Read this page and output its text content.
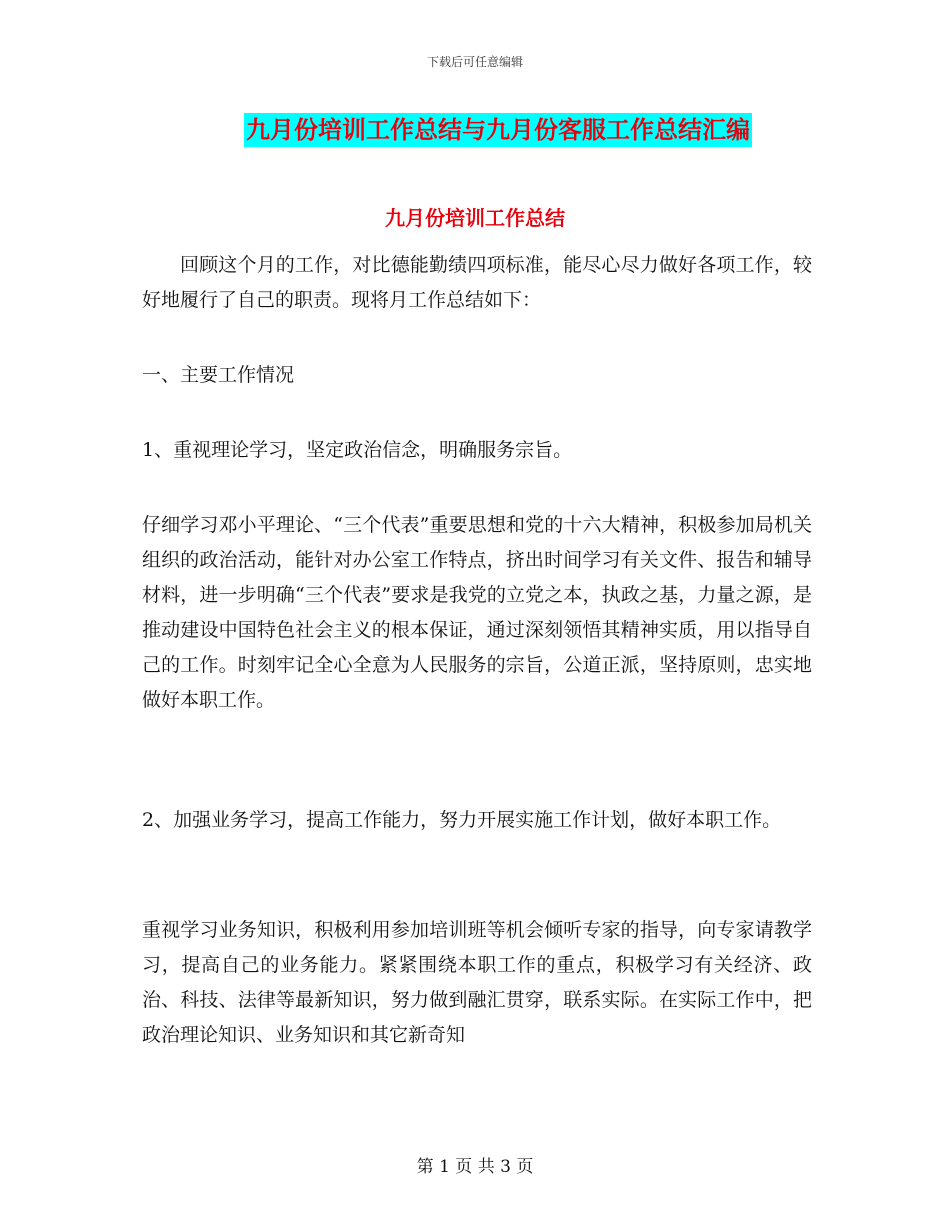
下载后可任意编辑
九月份培训工作总结与九月份客服工作总结汇编
九月份培训工作总结

回顾这个月的工作，对比德能勤绩四项标准，能尽心尽力做好各项工作，较好地履行了自己的职责。现将月工作总结如下：

一、主要工作情况

1、重视理论学习，坚定政治信念，明确服务宗旨。

仔细学习邓小平理论、“三个代表”重要思想和党的十六大精神，积极参加局机关组织的政治活动，能针对办公室工作特点，挤出时间学习有关文件、报告和辅导材料，进一步明确“三个代表”要求是我党的立党之本，执政之基，力量之源，是推动建设中国特色社会主义的根本保证，通过深刻领悟其精神实质，用以指导自己的工作。时刻牢记全心全意为人民服务的宗旨，公道正派，坚持原则，忠实地做好本职工作。

2、加强业务学习，提高工作能力，努力开展实施工作计划，做好本职工作。

重视学习业务知识，积极利用参加培训班等机会倾听专家的指导，向专家请教学习，提高自己的业务能力。紧紧围绕本职工作的重点，积极学习有关经济、政治、科技、法律等最新知识，努力做到融汇贯穿，联系实际。在实际工作中，把政治理论知识、业务知识和其它新奇知

第 1 页 共 3 页
